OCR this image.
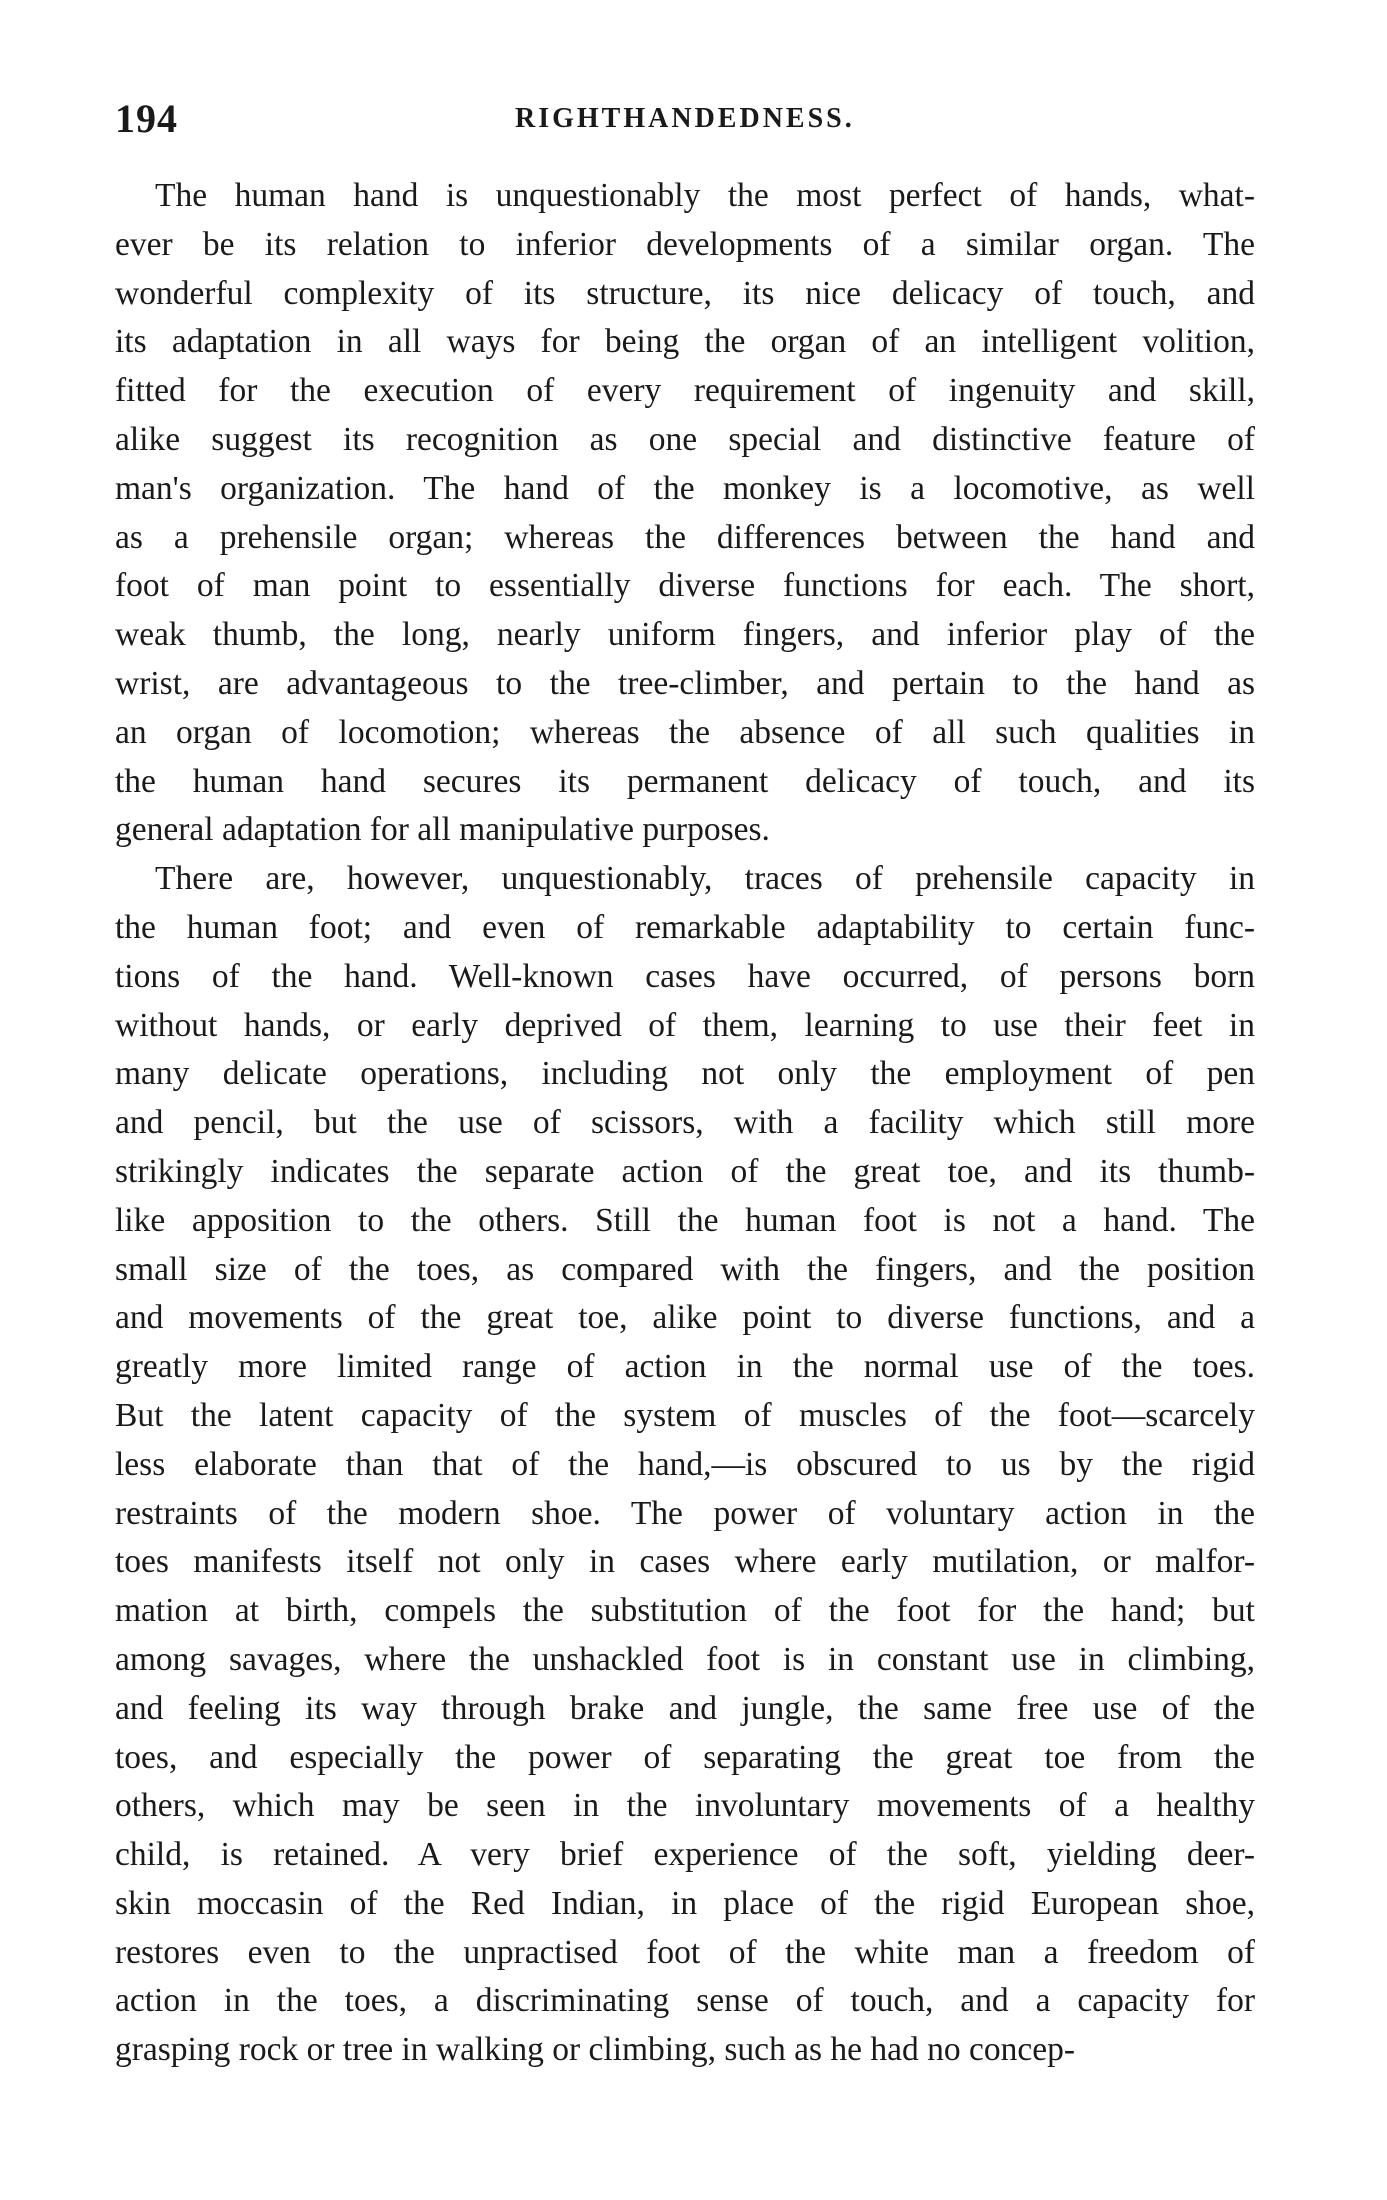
194	RIGHTHANDEDNESS.
The human hand is unquestionably the most perfect of hands, what-
ever be its relation to inferior developments of a similar organ. The
wonderful complexity of its structure, its nice delicacy of touch, and
its adaptation in all ways for being the organ of an intelligent volition,
fitted for the execution of every requirement of ingenuity and skill,
alike suggest its recognition as one special and distinctive feature of
man's organization. The hand of the monkey is a locomotive, as well
as a prehensile organ; whereas the differences between the hand and
foot of man point to essentially diverse functions for each. The short,
weak thumb, the long, nearly uniform fingers, and inferior play of the
wrist, are advantageous to the tree-climber, and pertain to the hand as
an organ of locomotion; whereas the absence of all such qualities in
the human hand secures its permanent delicacy of touch, and its
general adaptation for all manipulative purposes.
There are, however, unquestionably, traces of prehensile capacity in
the human foot; and even of remarkable adaptability to certain func-
tions of the hand. Well-known cases have occurred, of persons born
without hands, or early deprived of them, learning to use their feet in
many delicate operations, including not only the employment of pen
and pencil, but the use of scissors, with a facility which still more
strikingly indicates the separate action of the great toe, and its thumb-
like apposition to the others. Still the human foot is not a hand. The
small size of the toes, as compared with the fingers, and the position
and movements of the great toe, alike point to diverse functions, and a
greatly more limited range of action in the normal use of the toes.
But the latent capacity of the system of muscles of the foot—scarcely
less elaborate than that of the hand,—is obscured to us by the rigid
restraints of the modern shoe. The power of voluntary action in the
toes manifests itself not only in cases where early mutilation, or malfor-
mation at birth, compels the substitution of the foot for the hand; but
among savages, where the unshackled foot is in constant use in climbing,
and feeling its way through brake and jungle, the same free use of the
toes, and especially the power of separating the great toe from the
others, which may be seen in the involuntary movements of a healthy
child, is retained. A very brief experience of the soft, yielding deer-
skin moccasin of the Red Indian, in place of the rigid European shoe,
restores even to the unpractised foot of the white man a freedom of
action in the toes, a discriminating sense of touch, and a capacity for
grasping rock or tree in walking or climbing, such as he had no concep-
